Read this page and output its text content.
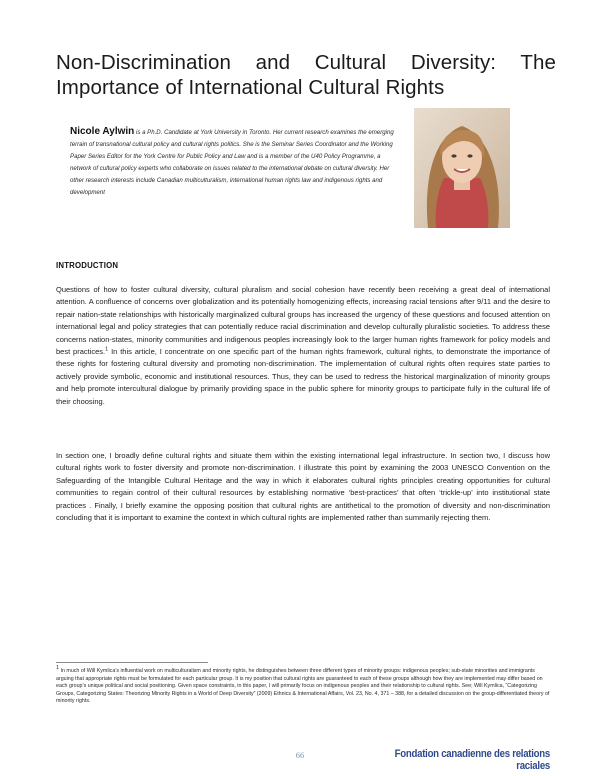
Non-Discrimination and Cultural Diversity: The Importance of International Cultural Rights

Nicole Aylwin is a Ph.D. Candidate at York University in Toronto. Her current research examines the emerging terrain of transnational cultural policy and cultural rights politics. She is the Seminar Series Coordinator and the Working Paper Series Editor for the York Centre for Public Policy and Law and is a member of the U40 Policy Programme, a network of cultural policy experts who collaborate on issues related to the international debate on cultural diversity. Her other research interests include Canadian multiculturalism, international human rights law and indigenous rights and development

INTRODUCTION

Questions of how to foster cultural diversity, cultural pluralism and social cohesion have recently been receiving a great deal of international attention. A confluence of concerns over globalization and its potentially homogenizing effects, increasing racial tensions after 9/11 and the desire to repair nation-state relationships with historically marginalized cultural groups has increased the urgency of these questions and focused attention on international legal and policy strategies that can potentially reduce racial discrimination and develop culturally pluralistic societies. To address these concerns nation-states, minority communities and indigenous peoples increasingly look to the larger human rights framework for policy models and best practices.$^1$ In this article, I concentrate on one specific part of the human rights framework, cultural rights, to demonstrate the importance of these rights for fostering cultural diversity and promoting non-discrimination. The implementation of cultural rights often requires state parties to actively provide symbolic, economic and institutional resources. Thus, they can be used to redress the historical marginalization of minority groups and help promote intercultural dialogue by primarily providing space in the public sphere for minority groups to participate fully in the cultural life of their choosing.

In section one, I broadly define cultural rights and situate them within the existing international legal infrastructure. In section two, I discuss how cultural rights work to foster diversity and promote non-discrimination. I illustrate this point by examining the 2003 UNESCO Convention on the Safeguarding of the Intangible Cultural Heritage and the way in which it elaborates cultural rights principles creating opportunities for cultural communities to regain control of their cultural resources by establishing normative ‘best-practices’ that often ‘trickle-up’ into institutional state practices . Finally, I briefly examine the opposing position that cultural rights are antithetical to the promotion of diversity and non-discrimination concluding that it is important to examine the context in which cultural rights are implemented rather than summarily rejecting them.

$^1$ In much of Will Kymlica’s influential work on multiculturalism and minority rights, he distinguishes between three different types of minority groups: indigenous peoples; sub-state minorities and immigrants arguing that appropriate rights must be formulated for each particular group. It is my position that cultural rights are guaranteed to each of these groups although how they are implemented may differ based on each group’s unique political and social positioning. Given space constraints, in this paper, I will primarily focus on indigenous peoples and their relationship to cultural rights. See; Will Kymlica, “Categorizing Groups, Categorizing States: Theorizing Minority Rights in a World of Deep Diversity” (2009) Ethnics & International Affairs, Vol. 23, No. 4, 371 – 388, for a detailed discussion on the group-differentiated theory of minority rights.

66	Fondation canadienne des relations raciales
